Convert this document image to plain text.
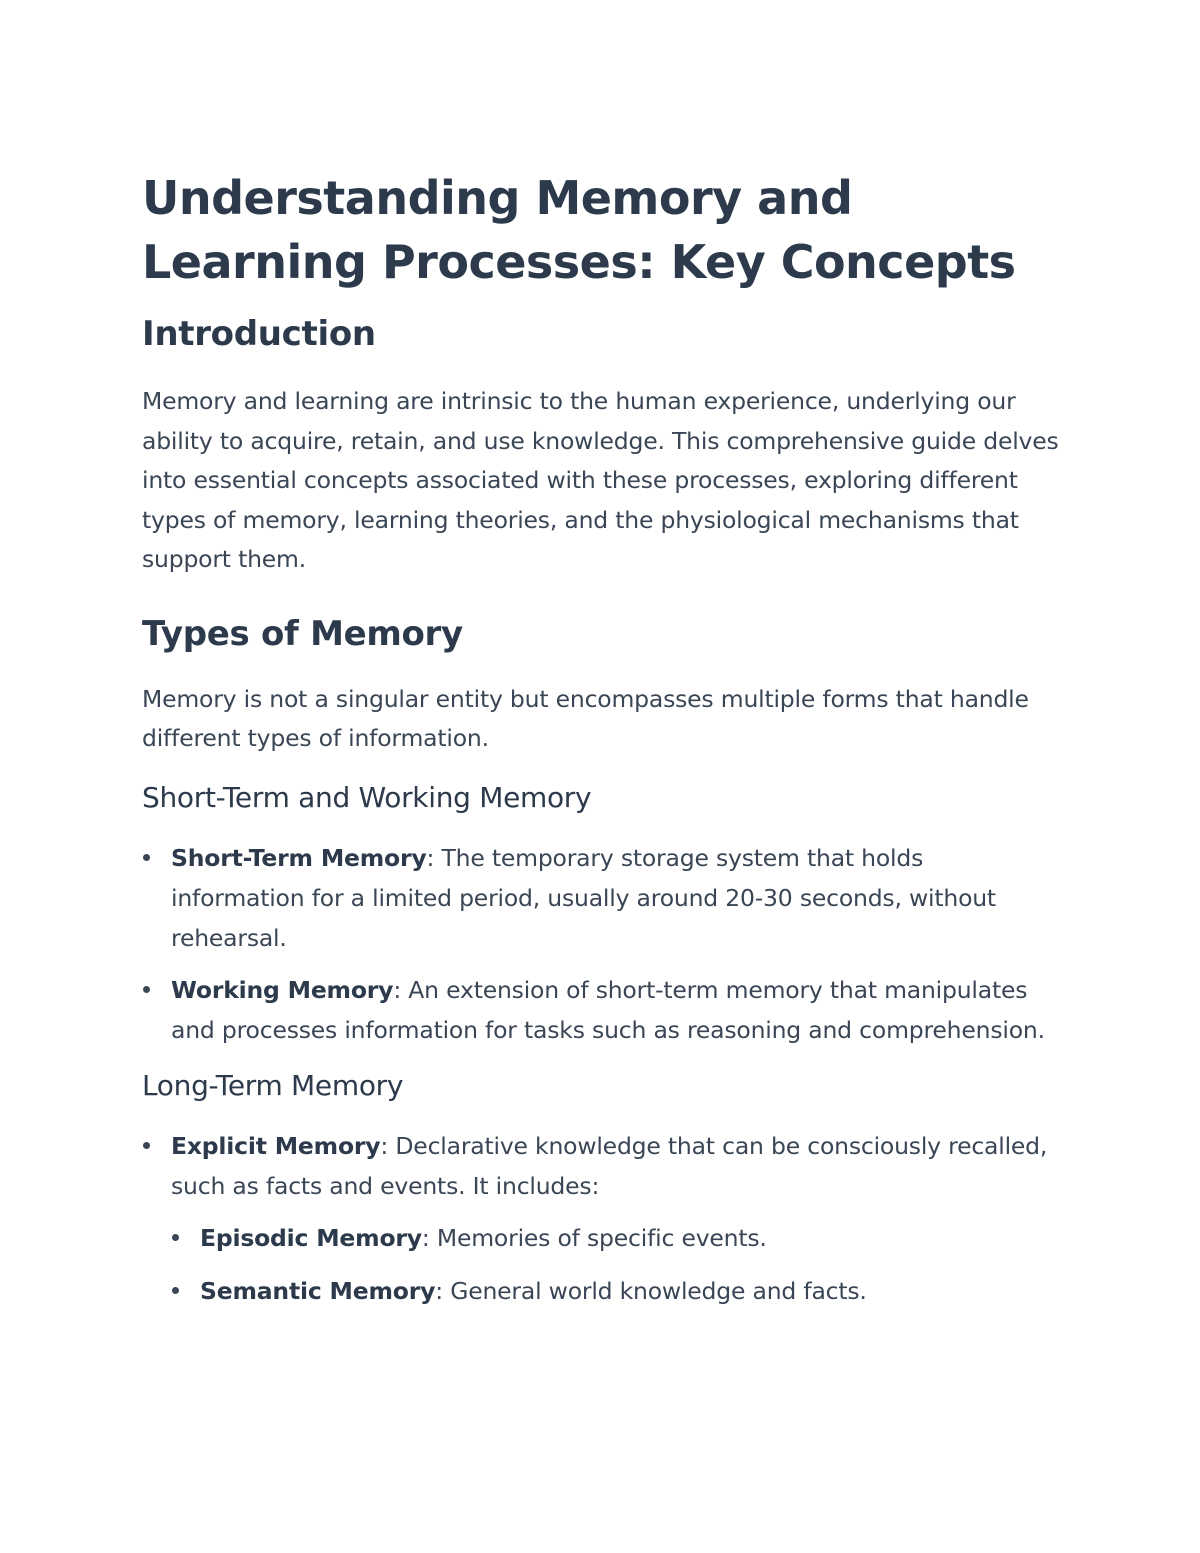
Understanding Memory and Learning Processes: Key Concepts
Introduction

Memory and learning are intrinsic to the human experience, underlying our ability to acquire, retain, and use knowledge. This comprehensive guide delves into essential concepts associated with these processes, exploring different types of memory, learning theories, and the physiological mechanisms that support them.

Types of Memory

Memory is not a singular entity but encompasses multiple forms that handle different types of information.

Short-Term and Working Memory
Short-Term Memory: The temporary storage system that holds information for a limited period, usually around 20-30 seconds, without rehearsal.
Working Memory: An extension of short-term memory that manipulates and processes information for tasks such as reasoning and comprehension.
Long-Term Memory
Explicit Memory: Declarative knowledge that can be consciously recalled, such as facts and events. It includes:
Episodic Memory: Memories of specific events.
Semantic Memory: General world knowledge and facts.
